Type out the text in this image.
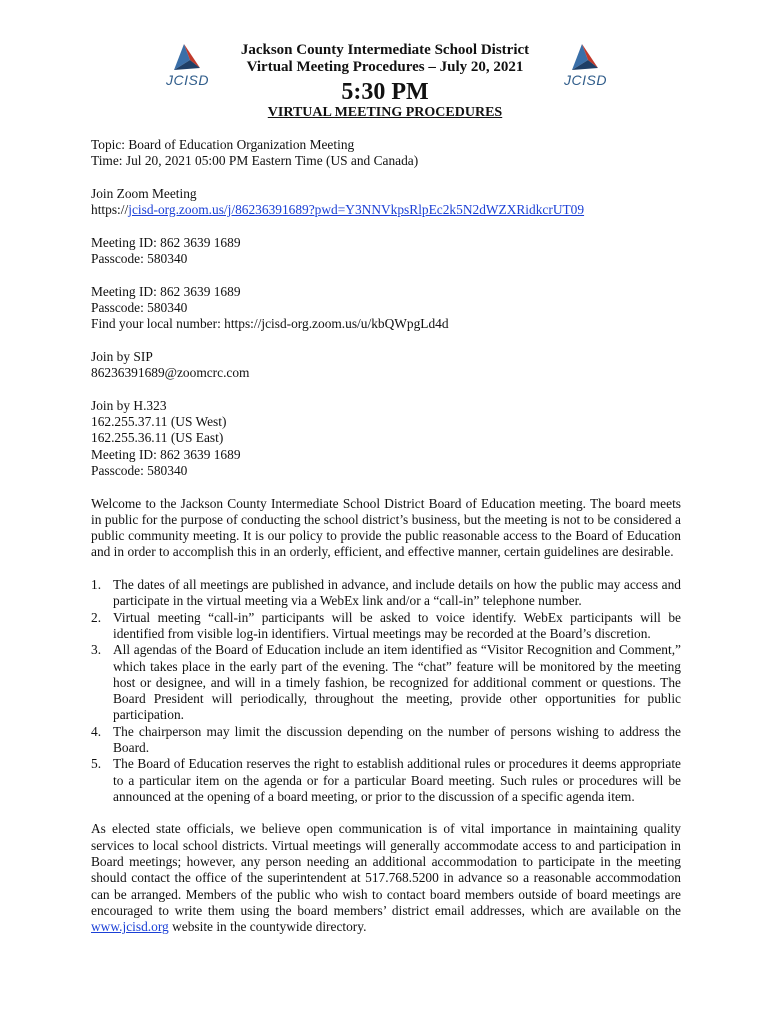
JCISD	JCISD
Jackson County Intermediate School District
Virtual Meeting Procedures – July 20, 2021
5:30 PM
VIRTUAL MEETING PROCEDURES
Topic: Board of Education Organization Meeting
Time: Jul 20, 2021 05:00 PM Eastern Time (US and Canada)
Join Zoom Meeting
https://jcisd-org.zoom.us/j/86236391689?pwd=Y3NNVkpsRlpEc2k5N2dWZXRidkcrUT09
Meeting ID: 862 3639 1689
Passcode: 580340
Meeting ID: 862 3639 1689
Passcode: 580340
Find your local number: https://jcisd-org.zoom.us/u/kbQWpgLd4d
Join by SIP
86236391689@zoomcrc.com
Join by H.323
162.255.37.11 (US West)
162.255.36.11 (US East)
Meeting ID: 862 3639 1689
Passcode: 580340

Welcome to the Jackson County Intermediate School District Board of Education meeting. The board meets in public for the purpose of conducting the school district’s business, but the meeting is not to be considered a public community meeting. It is our policy to provide the public reasonable access to the Board of Education and in order to accomplish this in an orderly, efficient, and effective manner, certain guidelines are desirable.

1. The dates of all meetings are published in advance, and include details on how the public may access and participate in the virtual meeting via a WebEx link and/or a “call-in” telephone number.
2. Virtual meeting “call-in” participants will be asked to voice identify. WebEx participants will be identified from visible log-in identifiers. Virtual meetings may be recorded at the Board’s discretion.
3. All agendas of the Board of Education include an item identified as “Visitor Recognition and Comment,” which takes place in the early part of the evening. The “chat” feature will be monitored by the meeting host or designee, and will in a timely fashion, be recognized for additional comment or questions. The Board President will periodically, throughout the meeting, provide other opportunities for public participation.
4. The chairperson may limit the discussion depending on the number of persons wishing to address the Board.
5. The Board of Education reserves the right to establish additional rules or procedures it deems appropriate to a particular item on the agenda or for a particular Board meeting. Such rules or procedures will be announced at the opening of a board meeting, or prior to the discussion of a specific agenda item.

As elected state officials, we believe open communication is of vital importance in maintaining quality services to local school districts. Virtual meetings will generally accommodate access to and participation in Board meetings; however, any person needing an additional accommodation to participate in the meeting should contact the office of the superintendent at 517.768.5200 in advance so a reasonable accommodation can be arranged. Members of the public who wish to contact board members outside of board meetings are encouraged to write them using the board members’ district email addresses, which are available on the www.jcisd.org website in the countywide directory.
